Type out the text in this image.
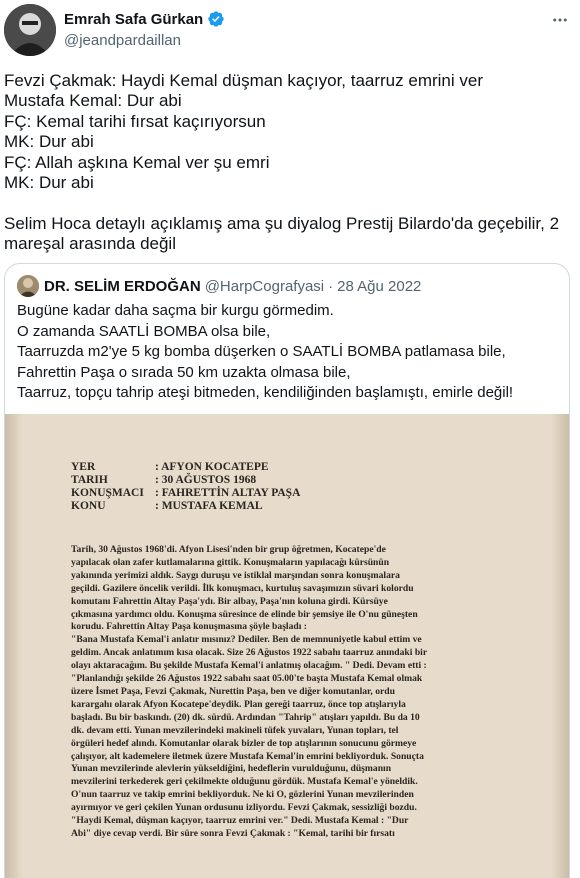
Emrah Safa Gürkan
@jeandpardaillan
Fevzi Çakmak: Haydi Kemal düşman kaçıyor, taarruz emrini ver
Mustafa Kemal: Dur abi
FÇ: Kemal tarihi fırsat kaçırıyorsun
MK: Dur abi
FÇ: Allah aşkına Kemal ver şu emri
MK: Dur abi
Selim Hoca detaylı açıklamış ama şu diyalog Prestij Bilardo'da geçebilir, 2
mareşal arasında değil
DR. SELİM ERDOĞAN @HarpCografyasi · 28 Ağu 2022
Bugüne kadar daha saçma bir kurgu görmedim.
O zamanda SAATLİ BOMBA olsa bile,
Taarruzda m2'ye 5 kg bomba düşerken o SAATLİ BOMBA patlamasa bile,
Fahrettin Paşa o sırada 50 km uzakta olmasa bile,
Taarruz, topçu tahrip ateşi bitmeden, kendiliğinden başlamıştı, emirle değil!
YER	: AFYON KOCATEPE
TARIH	: 30 AĞUSTOS 1968
KONUŞMACI : FAHRETTİN ALTAY PAŞA
KONU	: MUSTAFA KEMAL
Tarih, 30 Ağustos 1968'di. Afyon Lisesi'nden bir grup öğretmen, Kocatepe'de
yapılacak olan zafer kutlamalarına gittik. Konuşmaların yapılacağı kürsünün
yakınında yerimizi aldık. Saygı duruşu ve istiklal marşından sonra konuşmalara
geçildi. Gazilere öncelik verildi. İlk konuşmacı, kurtuluş savaşımızın süvari kolordu
komutanı Fahrettin Altay Paşa'ydı. Bir albay, Paşa'nın koluna girdi. Kürsüye
çıkmasına yardımcı oldu. Konuşma süresince de elinde bir şemsiye ile O'nu güneşten
korudu. Fahrettin Altay Paşa konuşmasına şöyle başladı :
"Bana Mustafa Kemal'i anlatır mısınız? Dediler. Ben de memnuniyetle kabul ettim ve
geldim. Ancak anlatımım kısa olacak. Size 26 Ağustos 1922 sabahı taarruz anındaki bir
olayı aktaracağım. Bu şekilde Mustafa Kemal'i anlatmış olacağım. " Dedi. Devam etti :
"Planlandığı şekilde 26 Ağustos 1922 sabahı saat 05.00'te başta Mustafa Kemal olmak
üzere İsmet Paşa, Fevzi Çakmak, Nurettin Paşa, ben ve diğer komutanlar, ordu
karargahı olarak Afyon Kocatepe'deydik. Plan gereği taarruz, önce top atışlarıyla
başladı. Bu bir baskındı. (20) dk. sürdü. Ardından "Tahrip" atışları yapıldı. Bu da 10
dk. devam etti. Yunan mevzilerindeki makineli tüfek yuvaları, Yunan topları, tel
örgüleri hedef alındı. Komutanlar olarak bizler de top atışlarının sonucunu görmeye
çalışıyor, alt kademelere iletmek üzere Mustafa Kemal'in emrini bekliyorduk. Sonuçta
Yunan mevzilerinde alevlerin yükseldiğini, hedeflerin vurulduğunu, düşmanın
mevzilerini terkederek geri çekilmekte olduğunu gördük. Mustafa Kemal'e yöneldik.
O'nun taarruz ve takip emrini bekliyorduk. Ne ki O, gözlerini Yunan mevzilerinden
ayırmıyor ve geri çekilen Yunan ordusunu izliyordu. Fevzi Çakmak, sessizliği bozdu.
"Haydi Kemal, düşman kaçıyor, taarruz emrini ver." Dedi. Mustafa Kemal : "Dur
Abi" diye cevap verdi. Bir süre sonra Fevzi Çakmak : "Kemal, tarihi bir fırsatı
